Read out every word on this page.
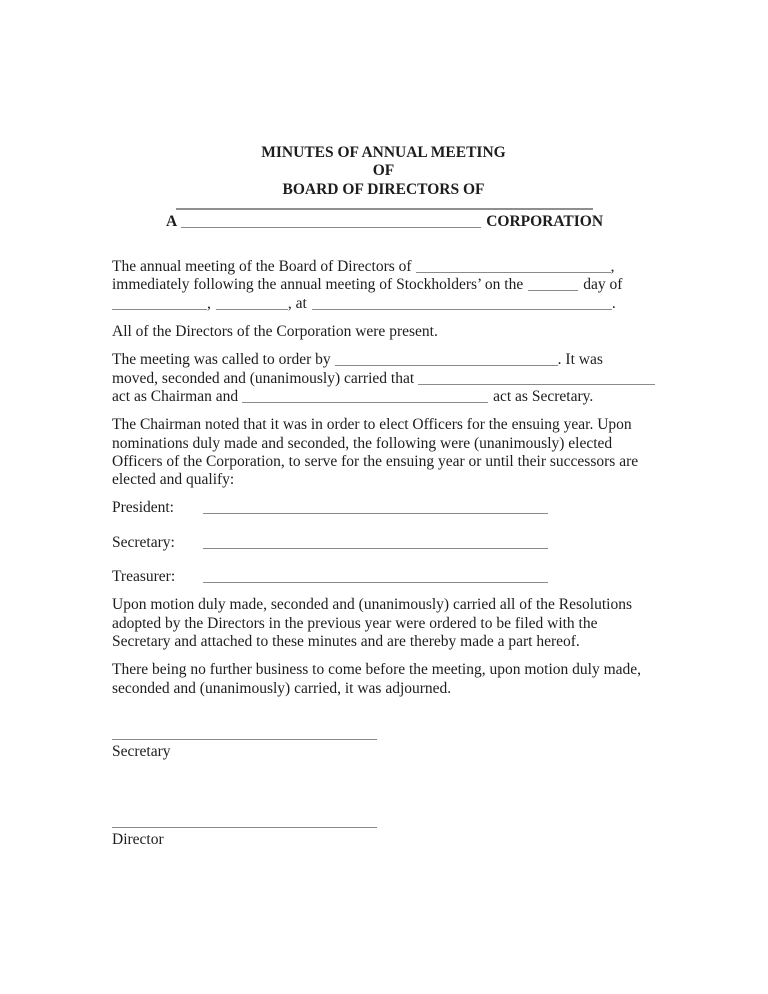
MINUTES OF ANNUAL MEETING
OF
BOARD OF DIRECTORS OF
A	CORPORATION
The annual meeting of the Board of Directors of	,
immediately following the annual meeting of Stockholders’ on the	day of
,	, at	.

All of the Directors of the Corporation were present.

The meeting was called to order by	. It was
moved, seconded and (unanimously) carried that
act as Chairman and	act as Secretary.

The Chairman noted that it was in order to elect Officers for the ensuing year. Upon nominations duly made and seconded, the following were (unanimously) elected Officers of the Corporation, to serve for the ensuing year or until their successors are elected and qualify:

President:
Secretary:
Treasurer:

Upon motion duly made, seconded and (unanimously) carried all of the Resolutions adopted by the Directors in the previous year were ordered to be filed with the Secretary and attached to these minutes and are thereby made a part hereof.

There being no further business to come before the meeting, upon motion duly made, seconded and (unanimously) carried, it was adjourned.

Secretary
Director
